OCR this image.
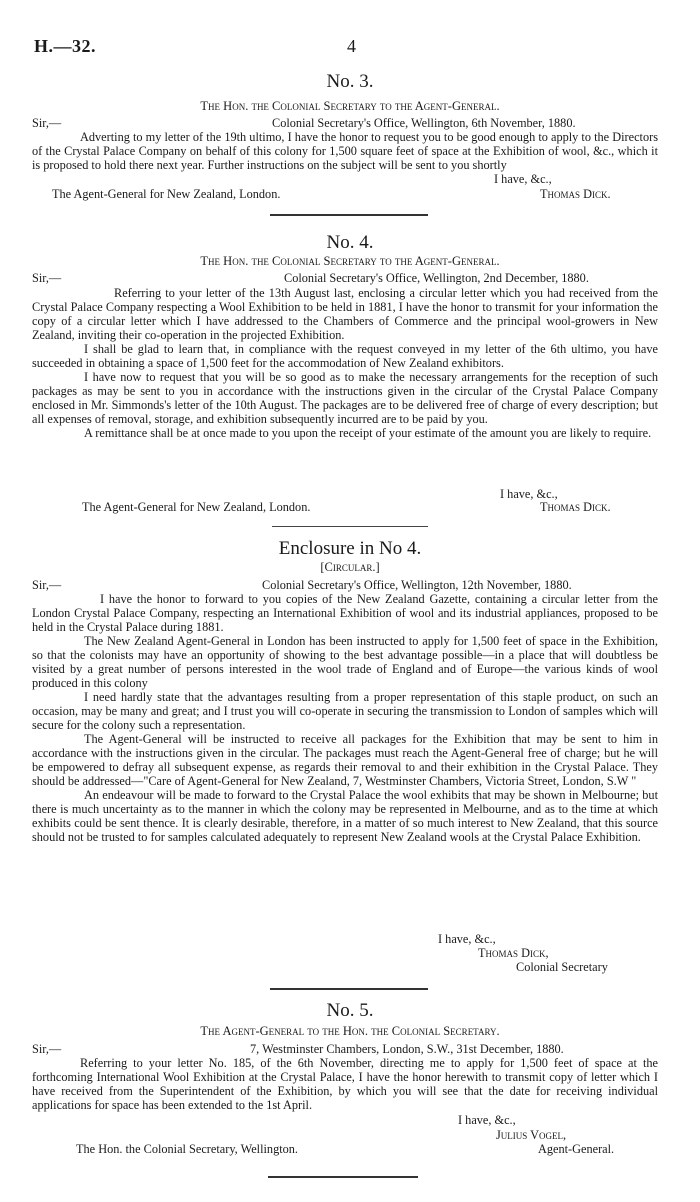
H.—32.	4
No. 3.
The Hon. the Colonial Secretary to the Agent-General.
Sir,—	Colonial Secretary's Office, Wellington, 6th November, 1880.

Adverting to my letter of the 19th ultimo, I have the honor to request you to be good enough to apply to the Directors of the Crystal Palace Company on behalf of this colony for 1,500 square feet of space at the Exhibition of wool, &c., which it is proposed to hold there next year. Further instructions on the subject will be sent to you shortly

I have, &c.,
The Agent-General for New Zealand, London.	Thomas Dick.
No. 4.
The Hon. the Colonial Secretary to the Agent-General.
Sir,—	Colonial Secretary's Office, Wellington, 2nd December, 1880.

Referring to your letter of the 13th August last, enclosing a circular letter which you had received from the Crystal Palace Company respecting a Wool Exhibition to be held in 1881, I have the honor to transmit for your information the copy of a circular letter which I have addressed to the Chambers of Commerce and the principal wool-growers in New Zealand, inviting their co-operation in the projected Exhibition.

I shall be glad to learn that, in compliance with the request conveyed in my letter of the 6th ultimo, you have succeeded in obtaining a space of 1,500 feet for the accommodation of New Zealand exhibitors.

I have now to request that you will be so good as to make the necessary arrangements for the reception of such packages as may be sent to you in accordance with the instructions given in the circular of the Crystal Palace Company enclosed in Mr. Simmonds's letter of the 10th August. The packages are to be delivered free of charge of every description; but all expenses of removal, storage, and exhibition subsequently incurred are to be paid by you.

A remittance shall be at once made to you upon the receipt of your estimate of the amount you are likely to require.

I have, &c.,
The Agent-General for New Zealand, London.	Thomas Dick.
Enclosure in No 4.
[Circular.]
Sir,—	Colonial Secretary's Office, Wellington, 12th November, 1880.

I have the honor to forward to you copies of the New Zealand Gazette, containing a circular letter from the London Crystal Palace Company, respecting an International Exhibition of wool and its industrial appliances, proposed to be held in the Crystal Palace during 1881.

The New Zealand Agent-General in London has been instructed to apply for 1,500 feet of space in the Exhibition, so that the colonists may have an opportunity of showing to the best advantage possible—in a place that will doubtless be visited by a great number of persons interested in the wool trade of England and of Europe—the various kinds of wool produced in this colony

I need hardly state that the advantages resulting from a proper representation of this staple product, on such an occasion, may be many and great; and I trust you will co-operate in securing the transmission to London of samples which will secure for the colony such a representation.

The Agent-General will be instructed to receive all packages for the Exhibition that may be sent to him in accordance with the instructions given in the circular. The packages must reach the Agent-General free of charge; but he will be empowered to defray all subsequent expense, as regards their removal to and their exhibition in the Crystal Palace. They should be addressed—"Care of Agent-General for New Zealand, 7, Westminster Chambers, Victoria Street, London, S.W "

An endeavour will be made to forward to the Crystal Palace the wool exhibits that may be shown in Melbourne; but there is much uncertainty as to the manner in which the colony may be represented in Melbourne, and as to the time at which exhibits could be sent thence. It is clearly desirable, therefore, in a matter of so much interest to New Zealand, that this source should not be trusted to for samples calculated adequately to represent New Zealand wools at the Crystal Palace Exhibition.

I have, &c.,
Thomas Dick,
Colonial Secretary
No. 5.
The Agent-General to the Hon. the Colonial Secretary.
Sir,—	7, Westminster Chambers, London, S.W., 31st December, 1880.

Referring to your letter No. 185, of the 6th November, directing me to apply for 1,500 feet of space at the forthcoming International Wool Exhibition at the Crystal Palace, I have the honor herewith to transmit copy of letter which I have received from the Superintendent of the Exhibition, by which you will see that the date for receiving individual applications for space has been extended to the 1st April.

I have, &c.,
Julius Vogel,
The Hon. the Colonial Secretary, Wellington.	Agent-General.
